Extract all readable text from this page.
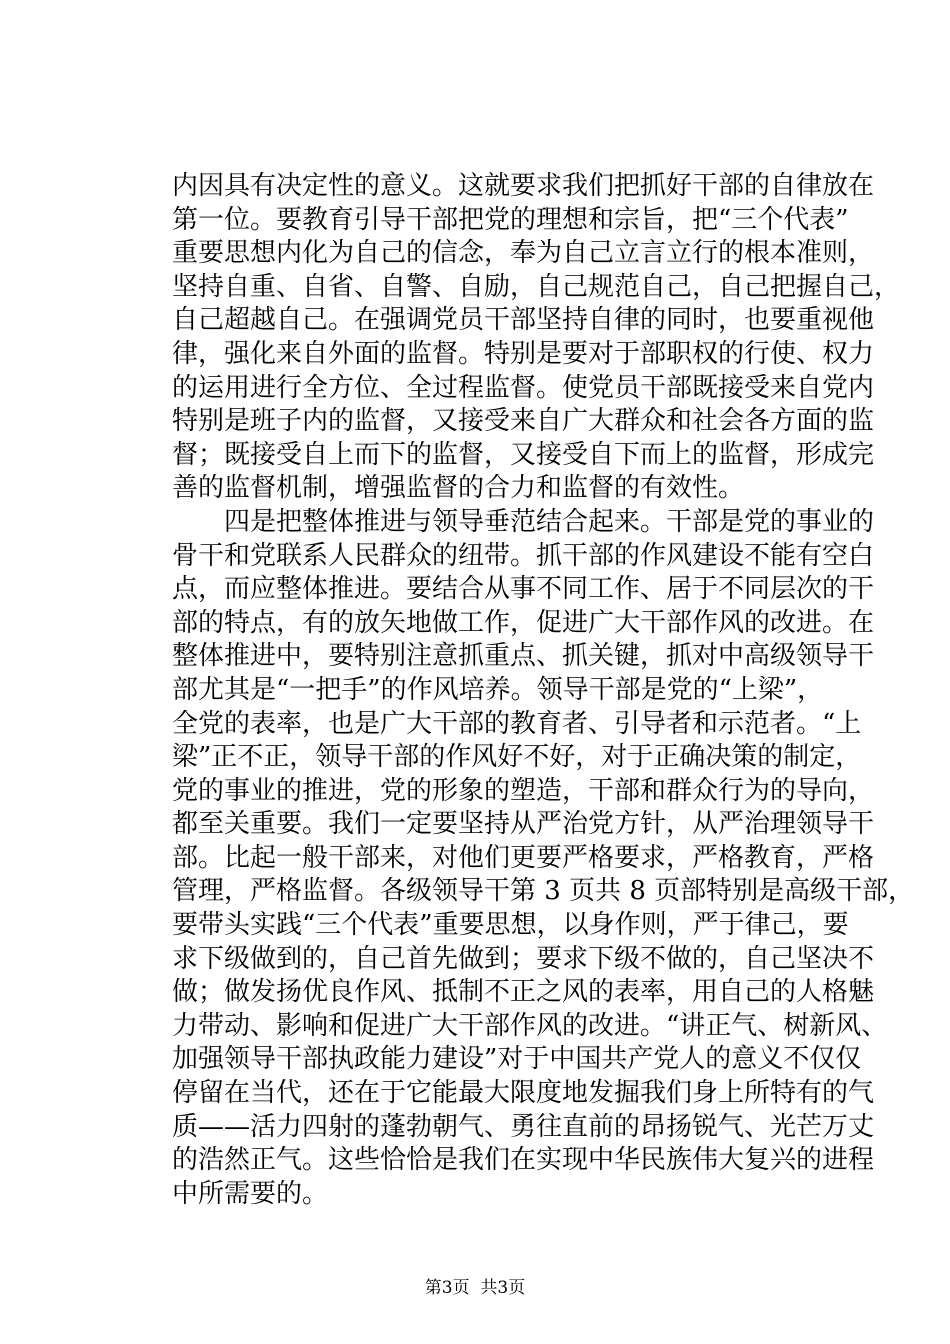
内因具有决定性的意义。这就要求我们把抓好干部的自律放在
第一位。要教育引导干部把党的理想和宗旨，把“三个代表”
重要思想内化为自己的信念，奉为自己立言立行的根本准则，
坚持自重、自省、自警、自励，自己规范自己，自己把握自己，
自己超越自己。在强调党员干部坚持自律的同时，也要重视他
律，强化来自外面的监督。特别是要对于部职权的行使、权力
的运用进行全方位、全过程监督。使党员干部既接受来自党内
特别是班子内的监督，又接受来自广大群众和社会各方面的监
督；既接受自上而下的监督，又接受自下而上的监督，形成完
善的监督机制，增强监督的合力和监督的有效性。
四是把整体推进与领导垂范结合起来。干部是党的事业的
骨干和党联系人民群众的纽带。抓干部的作风建设不能有空白
点，而应整体推进。要结合从事不同工作、居于不同层次的干
部的特点，有的放矢地做工作，促进广大干部作风的改进。在
整体推进中，要特别注意抓重点、抓关键，抓对中高级领导干
部尤其是“一把手”的作风培养。领导干部是党的“上梁”，
全党的表率，也是广大干部的教育者、引导者和示范者。“上
梁”正不正，领导干部的作风好不好，对于正确决策的制定，
党的事业的推进，党的形象的塑造，干部和群众行为的导向，
都至关重要。我们一定要坚持从严治党方针，从严治理领导干
部。比起一般干部来，对他们更要严格要求，严格教育，严格
管理，严格监督。各级领导干第 3 页共 8 页部特别是高级干部，
要带头实践“三个代表”重要思想，以身作则，严于律己，要
求下级做到的，自己首先做到；要求下级不做的，自己坚决不
做；做发扬优良作风、抵制不正之风的表率，用自己的人格魅
力带动、影响和促进广大干部作风的改进。“讲正气、树新风、
加强领导干部执政能力建设”对于中国共产党人的意义不仅仅
停留在当代，还在于它能最大限度地发掘我们身上所特有的气
质——活力四射的蓬勃朝气、勇往直前的昂扬锐气、光芒万丈
的浩然正气。这些恰恰是我们在实现中华民族伟大复兴的进程
中所需要的。
第3页  共3页
